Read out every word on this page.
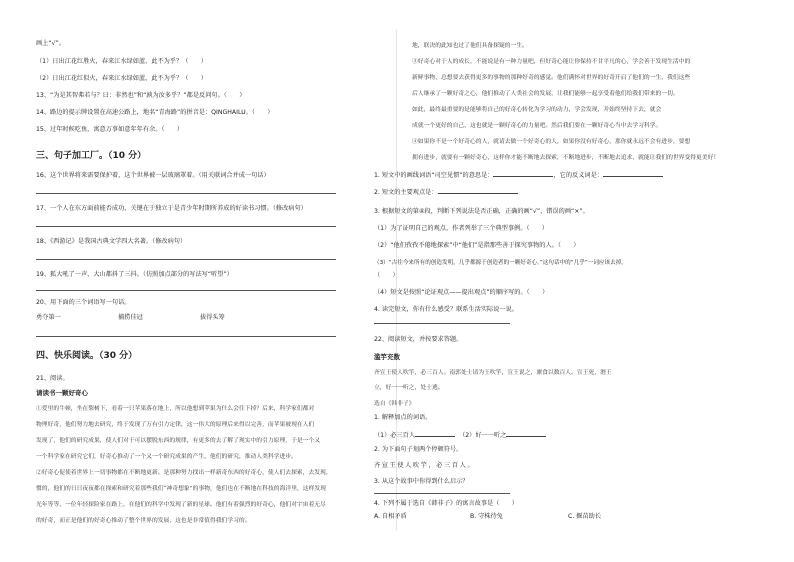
画上“√”。
（1）日出江花红胜火，春来江水绿如蓝，此不为乎？（　　）
（2）日出江花红似火，春来江水绿如蓝，此不为乎？（　　）
13、“为是其智弗若与？曰：非然也”和“孰为汝多乎？”都是反问句。（　　）
14、路边的提示牌设置在高速公路上，地名“青海路”的拼音是：QINGHAILU。（　　）
15、过年时候吃鱼，寓意万事如意年年有余。（　　）
三、句子加工厂。（10 分）
16、这个世界将来需要保护着，这个世界被一层玻璃罩着。（用关联词合并成一句话）
17、一个人在东方面前能否成功，关键在于独立于是青少年时期所养成的好读书习惯。（修改病句）
18、《西游记》是我国古典文学四大名著。（修改病句）
19、狐大吼了一声，大山都抖了三抖。（仿照加点部分的写法写“听望”）
20、用下面的三个词语写一句话。
勇夺第一	捕捞佳冠	拔得头筹
四、快乐阅读。（30 分）
21、阅读。
请读书一颗好奇心
①爱里的牛顿，坐在梨树下，看着一只苹果落在地上，所以他想到苹果为什么会往下掉？后来，科学家们都对
物理好奇，他们努力地去研究，终于发现了万有引力定律，这一伟大的原理后来得以完善，而苹果被现在人们
发现了，他们的研究成果，使人们对于可以摆脱东西的规律，有更多的去了解了现实中的引力原理，于是一个又
一个科学家在研究它们，好奇心推动了一个又一个研究成果的产生，他们的研究，推动人类科学进步。
②好奇心促使着世界上一切事物都在不断地更新。是那种努力找出一样新奇东西的好奇心，使人们去探索，去发现，
惯的，他们的日日夜夜都在探索和研究着那些我们“神奇想象”的事物，他们也在不断地在科技的海洋里，这样发现
光年等等，一位年轻探险家在路上，在他们的科学中发现了新的星球。他们有着强烈的好奇心，他们对宇宙着无尽
的好奇，而正是他们的好奇心推动了整个世界的发展，这也是非常值得我们学习的。
地，联决的此知也过了他们具备探疑的一生。
③好奇心对于人的成长，不能说是有一种力量吧，但好奇心能让你保持不甘平凡的心，学会善于发现生活中的
新鲜事物，总想要去获得更多的事物的那种好奇的感觉。他们满怀对世界的好奇开启了他们的一生，我们这些
后人继承了一颗好奇之心，他们推动了人类社会的发展，让我们能够一起享受着他们给我们带来的一切。
如此，最终最重要的是能够将自己的好奇心转化为学习的动力，学会发现，并始终坚持下去，就会
成就一个更好的自己，这也就是一颗好奇心的力量吧。然后我们要在一颗好奇心当中去学习科学。
④如果你不是一个好奇心的人，就请去做一个好奇心的人，如果你没有好奇心，那你就永远不会有进步，要想
拥有进步，就要有一颗好奇心，这样你才能不断地去探索，不断地进步，不断地去追求，就能让我们的世界变得更美好！
1. 短文中的画线词语“司空见惯”的意思是：	，它的反义词是：
2. 短文的主要观点是：
3. 根据短文的第④段，判断下列说法是否正确，正确的画“√”，错误的画“×”。
（1）为了证明自己的观点，作者列举了三个典型事例。（　　）
（2）“他们孜孜不倦地探索”中“他们”是指那些善于探究事物的人。（　　）
（3）“古往今来所有的创造发明，几乎都源于创造者的一颗好奇心。”这句话中的“几乎”一词应该去掉。
（　　）
（4）短文是按照“论证观点——提出观点”的顺序写的。（　　）
4. 读完短文，你有什么感受？联系生活实际说一说。
22、阅读短文，并按要求答题。
滥竽充数
齐宣王使人吹竽，必三百人。南郭处士请为王吹竽，宣王说之，廪食以数百人。宣王死，湣王
立，好一一听之，处士逃。
选自《韩非子》
1. 解释加点的词语。
（1）必三百人	（2）好一一听之
2. 为下面句子划两个停顿符号。
齐宣王使人吹竽，必三百人。
3. 从这个故事中你得到什么启示？
4. 下列不属于选自《韩非子》的寓言故事是（　　）
A. 自相矛盾	B. 守株待兔	C. 揠苗助长
